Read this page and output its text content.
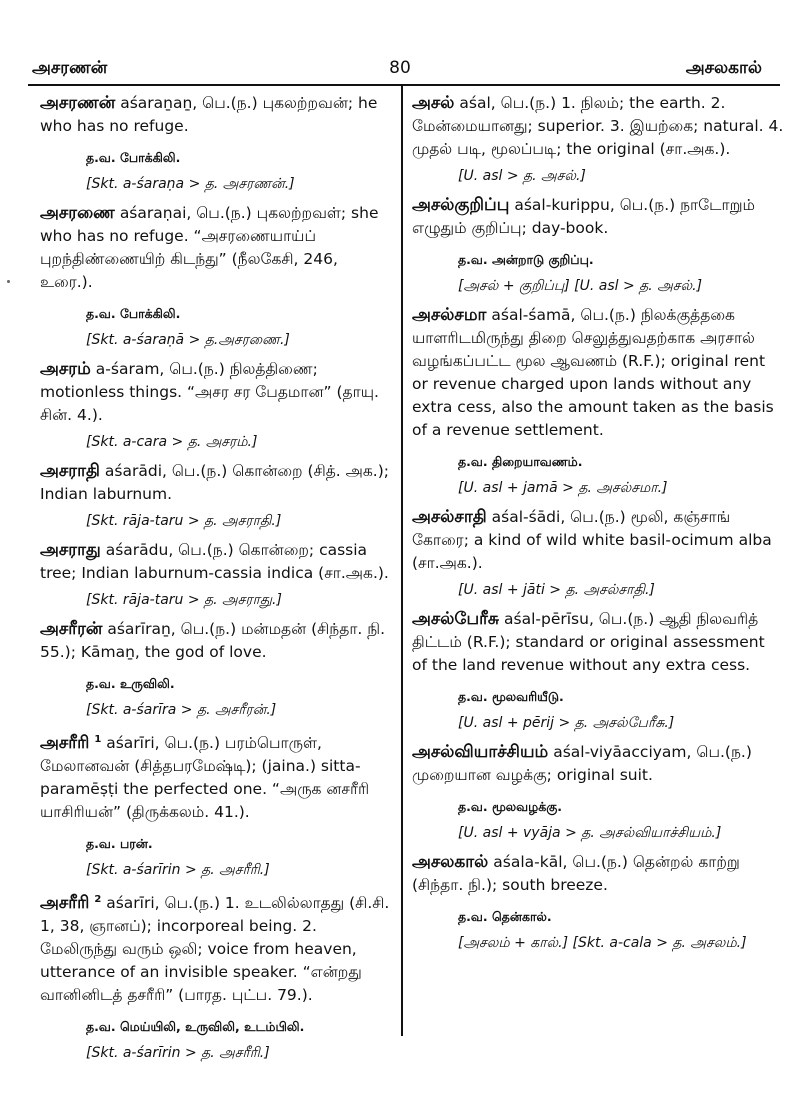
அசரணன்	80	அசலகால்

அசரணன் aśaraṉaṉ, பெ.(ந.) புகலற்றவன்; he who has no refuge.

த.வ. போக்கிலி.
[Skt. a-śaraṇa > த. அசரணன்.]

அசரணை aśaraṇai, பெ.(ந.) புகலற்றவள்; she who has no refuge. “அசரணையாய்ப் புறந்திண்ணையிற் கிடந்து” (நீலகேசி, 246, உரை.).

த.வ. போக்கிலி.
[Skt. a-śaraṇā > த.அசரணை.]

அசரம் a-śaram, பெ.(ந.) நிலத்திணை; motionless things. “அசர சர பேதமான” (தாயு. சின். 4.).

[Skt. a-cara > த. அசரம்.]

அசராதி aśarādi, பெ.(ந.) கொன்றை (சித். அக.); Indian laburnum.

[Skt. rāja-taru > த. அசராதி.]

அசராது aśarādu, பெ.(ந.) கொன்றை; cassia tree; Indian laburnum-cassia indica (சா.அக.).

[Skt. rāja-taru > த. அசராது.]

அசரீரன் aśarīraṉ, பெ.(ந.) மன்மதன் (சிந்தா. நி. 55.); Kāmaṉ, the god of love.

த.வ. உருவிலி.
[Skt. a-śarīra > த. அசரீரன்.]

அசரீரி $^1$ aśarīri, பெ.(ந.) பரம்பொருள், மேலானவன் (சித்தபரமேஷ்டி); (jaina.) sitta-paramēṣṭi the perfected one. “அருக னசரீரி யாசிரியன்” (திருக்கலம். 41.).

த.வ. பரன்.
[Skt. a-śarīrin > த. அசரீரி.]

அசரீரி $^2$ aśarīri, பெ.(ந.) 1. உடலில்லாதது (சி.சி. 1, 38, ஞானப்); incorporeal being. 2. மேலிருந்து வரும் ஒலி; voice from heaven, utterance of an invisible speaker. “என்றது வானினிடத் தசரீரி” (பாரத. புட்ப. 79.).

த.வ. மெய்யிலி, உருவிலி, உடம்பிலி.
[Skt. a-śarīrin > த. அசரீரி.]

அசல் aśal, பெ.(ந.) 1. நிலம்; the earth. 2. மேன்மையானது; superior. 3. இயற்கை; natural. 4. முதல் படி, மூலப்படி; the original (சா.அக.).

[U. asl > த. அசல்.]

அசல்குறிப்பு aśal-kurippu, பெ.(ந.) நாடோறும் எழுதும் குறிப்பு; day-book.

த.வ. அன்றாடு குறிப்பு.
[அசல் + குறிப்பு] [U. asl > த. அசல்.]

அசல்சமா aśal-śamā, பெ.(ந.) நிலக்குத்தகை யாளரிடமிருந்து திறை செலுத்துவதற்காக அரசால் வழங்கப்பட்ட மூல ஆவணம் (R.F.); original rent or revenue charged upon lands without any extra cess, also the amount taken as the basis of a revenue settlement.

த.வ. திறையாவணம்.
[U. asl + jamā > த. அசல்சமா.]

அசல்சாதி aśal-śādi, பெ.(ந.) மூலி, கஞ்சாங் கோரை; a kind of wild white basil-ocimum alba (சா.அக.).

[U. asl + jāti > த. அசல்சாதி.]

அசல்பேரீசு aśal-pērīsu, பெ.(ந.) ஆதி நிலவரித் திட்டம் (R.F.); standard or original assessment of the land revenue without any extra cess.

த.வ. மூலவரியீடு.
[U. asl + pērij > த. அசல்பேரீசு.]

அசல்வியாச்சியம் aśal-viyāacciyam, பெ.(ந.) முறையான வழக்கு; original suit.

த.வ. மூலவழக்கு.
[U. asl + vyāja > த. அசல்வியாச்சியம்.]

அசலகால் aśala-kāl, பெ.(ந.) தென்றல் காற்று (சிந்தா. நி.); south breeze.

த.வ. தென்கால்.
[அசலம் + கால்.] [Skt. a-cala > த. அசலம்.]
